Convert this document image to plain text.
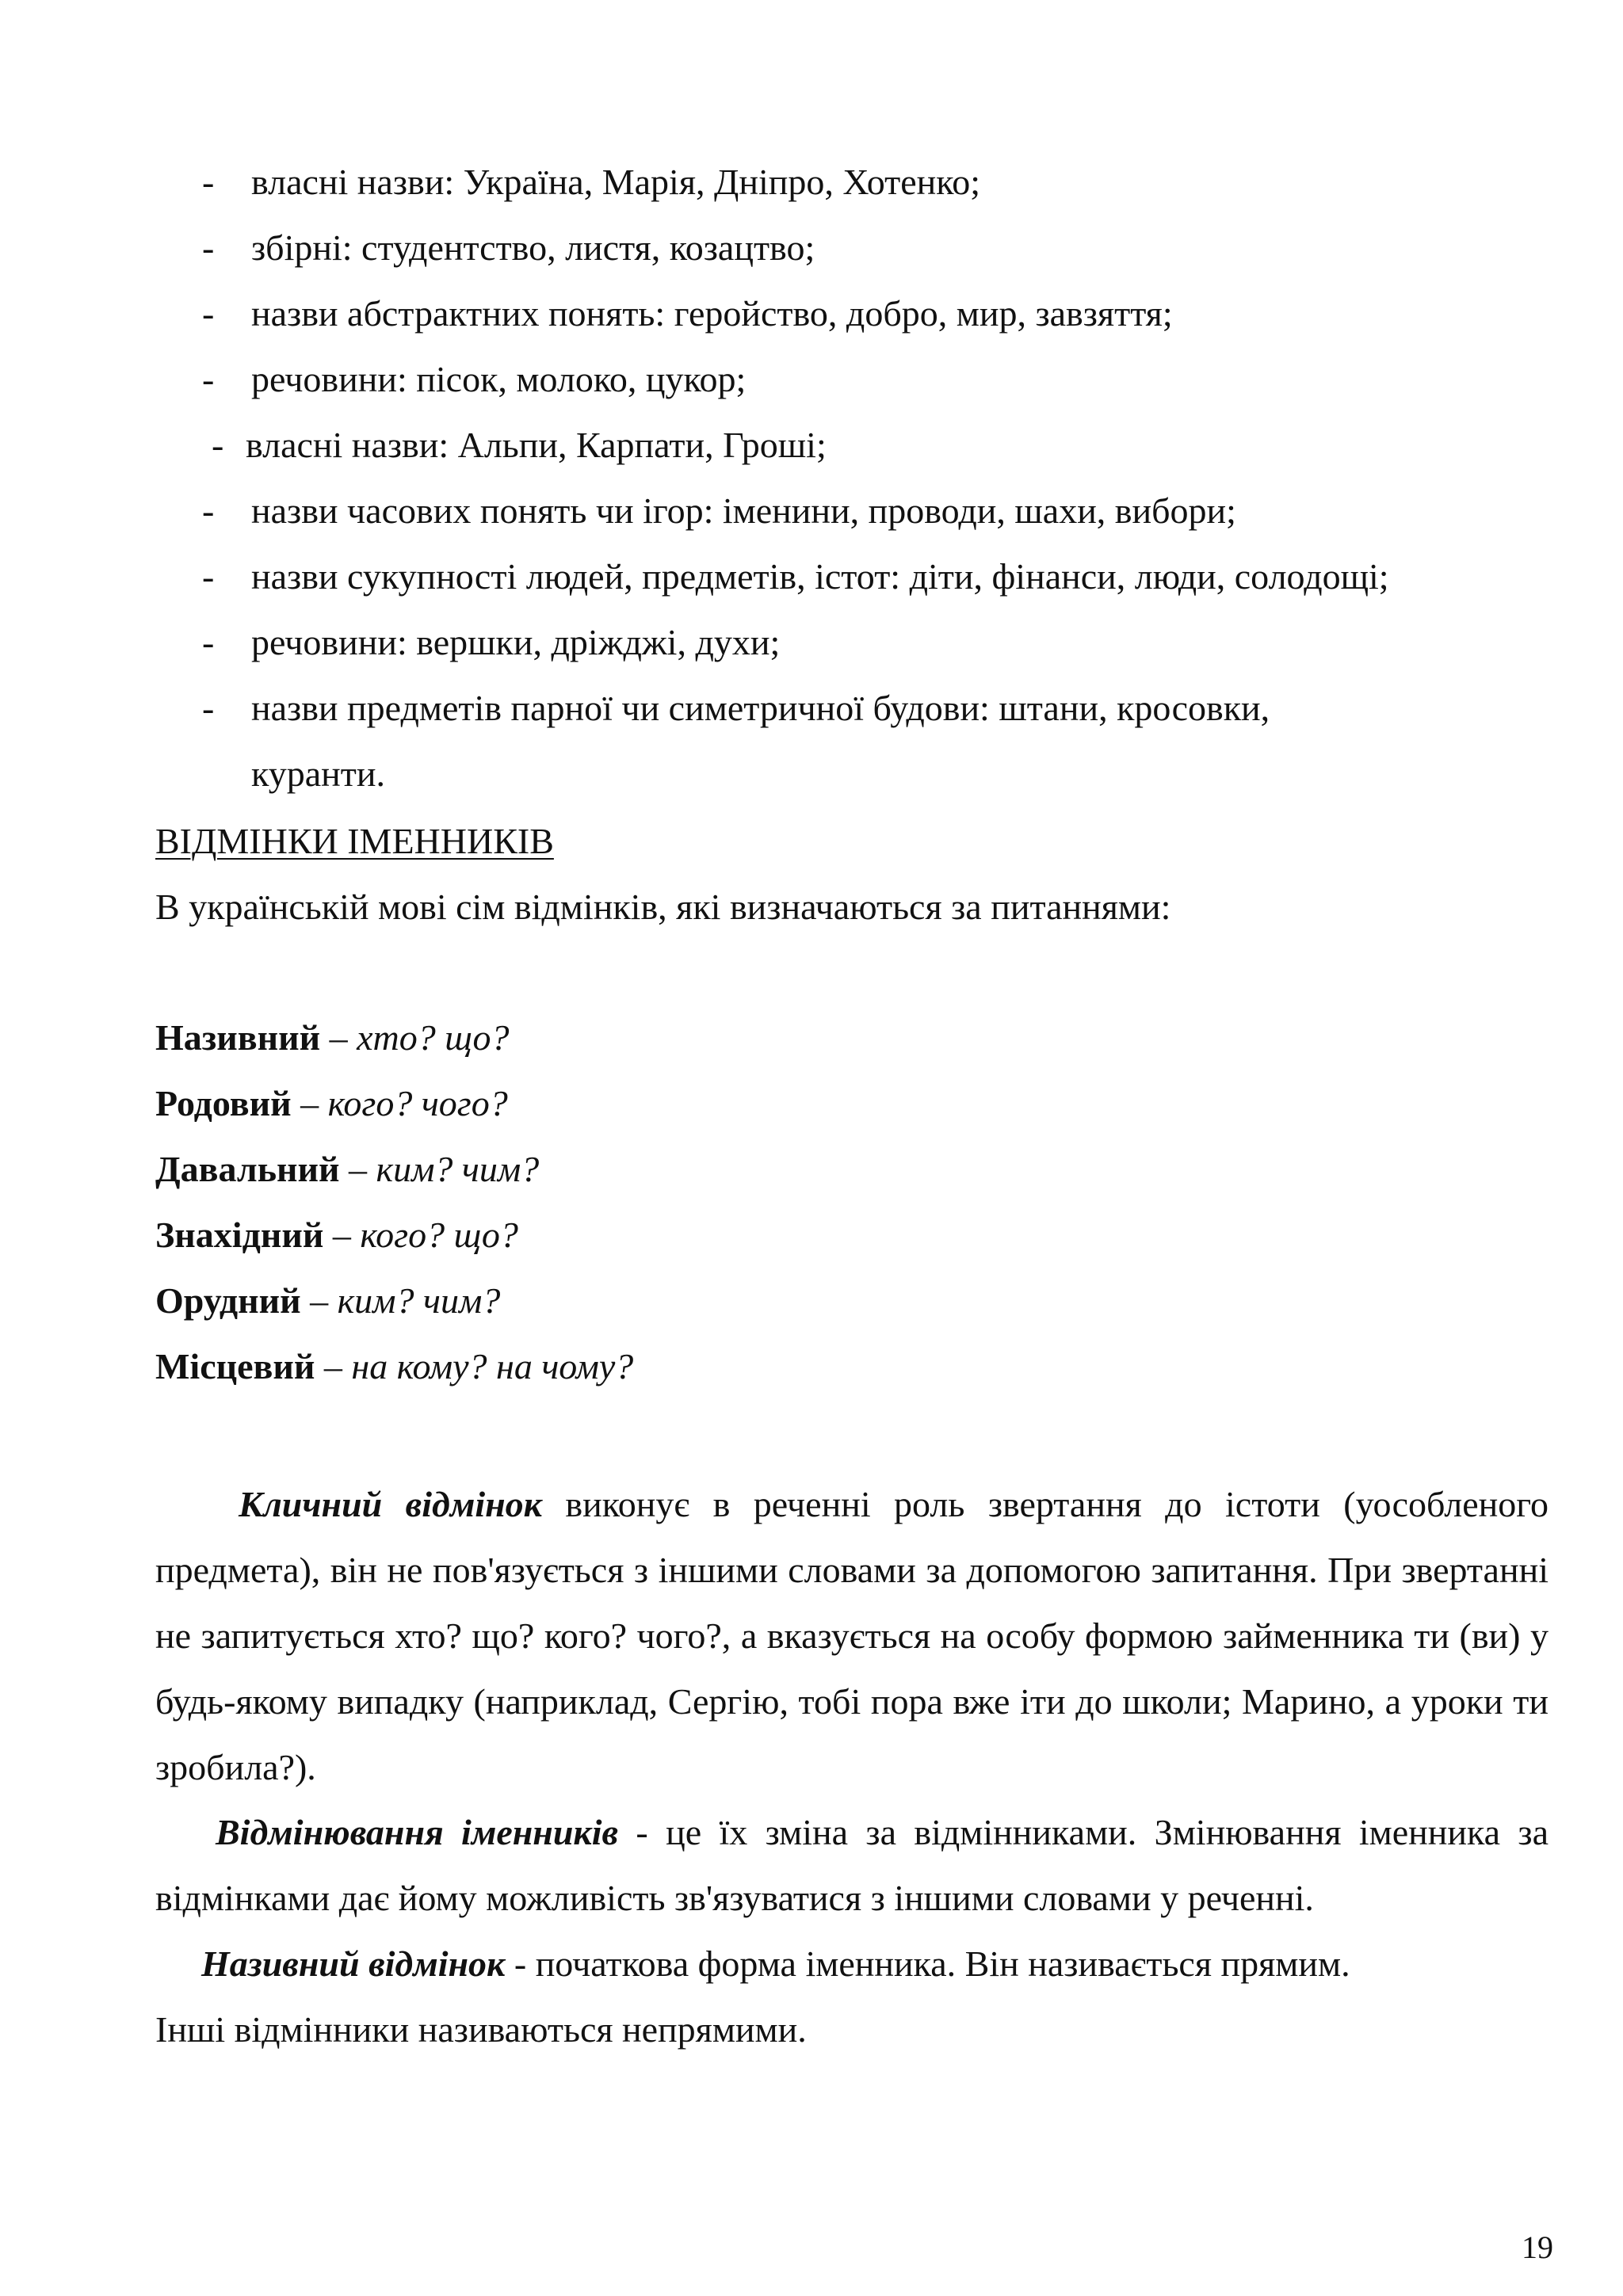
- власні назви: Україна, Марія, Дніпро, Хотенко;
- збірні: студентство, листя, козацтво;
- назви абстрактних понять: геройство, добро, мир, завзяття;
- речовини: пісок, молоко, цукор;
- власні назви: Альпи, Карпати, Гроші;
- назви часових понять чи ігор: іменини, проводи, шахи, вибори;
- назви сукупності людей, предметів, істот: діти, фінанси, люди, солодощі;
- речовини: вершки, дріжджі, духи;
- назви предметів парної чи симетричної будови: штани, кросовки,
куранти.
ВІДМІНКИ ІМЕННИКІВ
В українській мові сім відмінків, які визначаються за питаннями:
Називний – хто? що?
Родовий – кого? чого?
Давальний – ким? чим?
Знахідний – кого? що?
Орудний – ким? чим?
Місцевий – на кому? на чому?
Кличний відмінок виконує в реченні роль звертання до істоти (уособленого предмета), він не пов'язується з іншими словами за допомогою запитання. При звертанні не запитується хто? що? кого? чого?, а вказується на особу формою займенника ти (ви) у будь-якому випадку (наприклад, Сергію, тобі пора вже іти до школи; Марино, а уроки ти зробила?).
Відмінювання іменників - це їх зміна за відмінниками. Змінювання іменника за відмінками дає йому можливість зв'язуватися з іншими словами у реченні.
Називний відмінок - початкова форма іменника. Він називається прямим.
Інші відмінники називаються непрямими.
19
